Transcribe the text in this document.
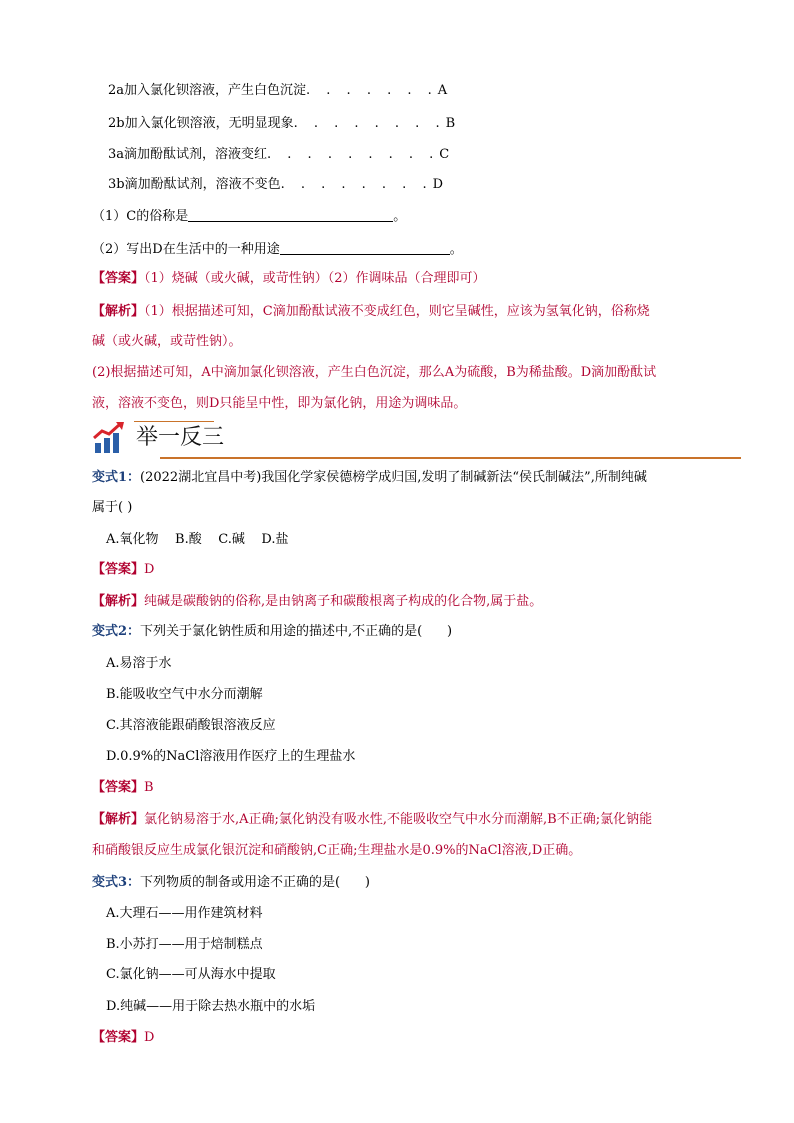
2a加入氯化钡溶液，产生白色沉淀. . . . . . .A
2b加入氯化钡溶液，无明显现象. . . . . . . .B
3a滴加酚酞试剂，溶液变红. . . . . . . . .C
3b滴加酚酞试剂，溶液不变色. . . . . . . .D
（1）C的俗称是	。
（2）写出D在生活中的一种用途	。
【答案】（1）烧碱（或火碱，或苛性钠）（2）作调味品（合理即可）
【解析】（1）根据描述可知，C滴加酚酞试液不变成红色，则它呈碱性，应该为氢氧化钠，俗称烧
碱（或火碱，或苛性钠）。
(2)根据描述可知，A中滴加氯化钡溶液，产生白色沉淀，那么A为硫酸，B为稀盐酸。D滴加酚酞试
液，溶液不变色，则D只能呈中性，即为氯化钠，用途为调味品。
举一反三
变式1：(2022湖北宜昌中考)我国化学家侯德榜学成归国,发明了制碱新法“侯氏制碱法”,所制纯碱
属于( )
A.氧化物    B.酸    C.碱    D.盐
【答案】D
【解析】纯碱是碳酸钠的俗称,是由钠离子和碳酸根离子构成的化合物,属于盐。
变式2：下列关于氯化钠性质和用途的描述中,不正确的是(      )
A.易溶于水
B.能吸收空气中水分而潮解
C.其溶液能跟硝酸银溶液反应
D.0.9%的NaCl溶液用作医疗上的生理盐水
【答案】B
【解析】氯化钠易溶于水,A正确;氯化钠没有吸水性,不能吸收空气中水分而潮解,B不正确;氯化钠能
和硝酸银反应生成氯化银沉淀和硝酸钠,C正确;生理盐水是0.9%的NaCl溶液,D正确。
变式3：下列物质的制备或用途不正确的是(      )
A.大理石——用作建筑材料
B.小苏打——用于焙制糕点
C.氯化钠——可从海水中提取
D.纯碱——用于除去热水瓶中的水垢
【答案】D
